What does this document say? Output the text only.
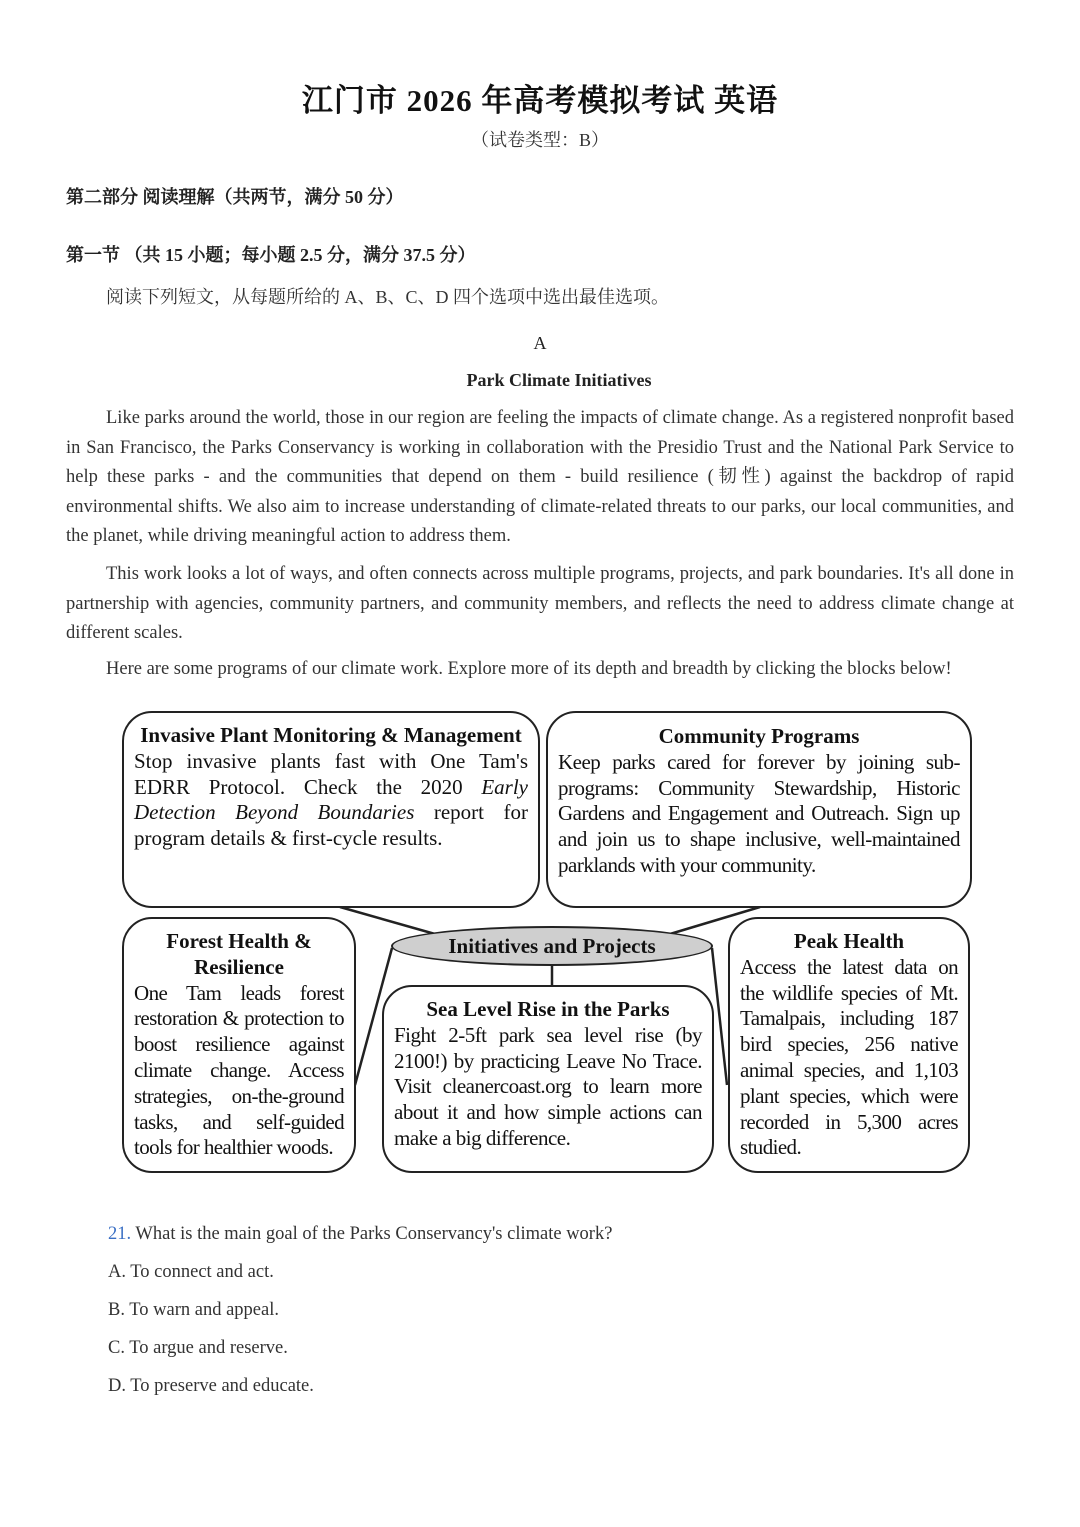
江门市 2026 年高考模拟考试 英语
（试卷类型：B）
第二部分 阅读理解（共两节，满分 50 分）
第一节 （共 15 小题；每小题 2.5 分，满分 37.5 分）
阅读下列短文，从每题所给的 A、B、C、D 四个选项中选出最佳选项。
A
Park Climate Initiatives

Like parks around the world, those in our region are feeling the impacts of climate change. As a registered nonprofit based in San Francisco, the Parks Conservancy is working in collaboration with the Presidio Trust and the National Park Service to help these parks - and the communities that depend on them - build resilience (韧性) against the backdrop of rapid environmental shifts. We also aim to increase understanding of climate-related threats to our parks, our local communities, and the planet, while driving meaningful action to address them.

This work looks a lot of ways, and often connects across multiple programs, projects, and park boundaries. It's all done in partnership with agencies, community partners, and community members, and reflects the need to address climate change at different scales.

Here are some programs of our climate work. Explore more of its depth and breadth by clicking the blocks below!

Invasive Plant Monitoring & Management
Stop invasive plants fast with One Tam's EDRR Protocol. Check the 2020 Early Detection Beyond Boundaries report for program details & first-cycle results.
Community Programs
Keep parks cared for forever by joining sub-programs: Community Stewardship, Historic Gardens and Engagement and Outreach. Sign up and join us to shape inclusive, well-maintained parklands with your community.
Forest Health & Resilience
One Tam leads forest restoration & protection to boost resilience against climate change. Access strategies, on-the-ground tasks, and self-guided tools for healthier woods.
Sea Level Rise in the Parks
Fight 2-5ft park sea level rise (by 2100!) by practicing Leave No Trace. Visit cleanercoast.org to learn more about it and how simple actions can make a big difference.
Peak Health
Access the latest data on the wildlife species of Mt. Tamalpais, including 187 bird species, 256 native animal species, and 1,103 plant species, which were recorded in 5,300 acres studied.
Initiatives and Projects
21. What is the main goal of the Parks Conservancy's climate work?
A. To connect and act.
B. To warn and appeal.
C. To argue and reserve.
D. To preserve and educate.
